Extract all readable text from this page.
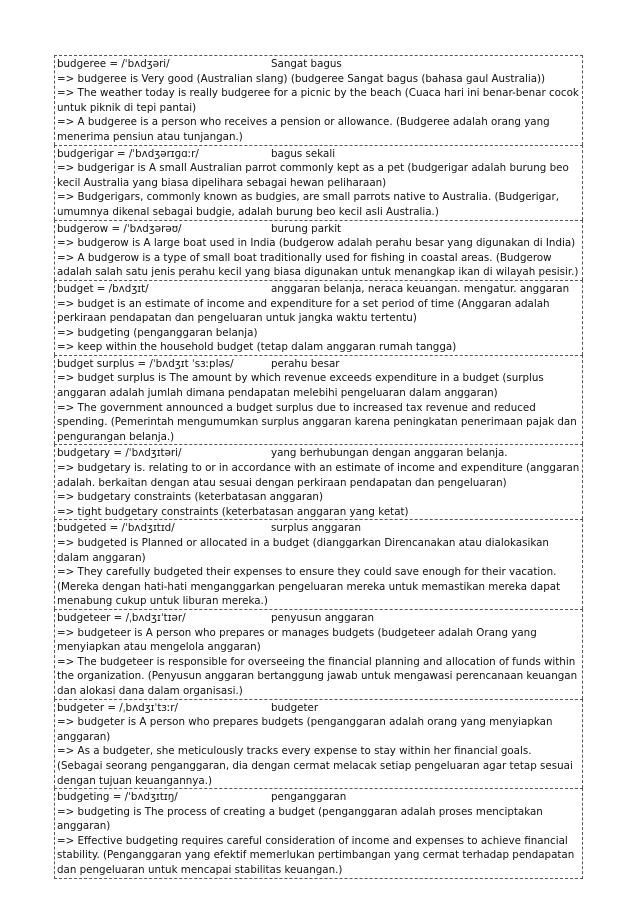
budgeree = /ˈbʌdʒəri/	Sangat bagus

=> budgeree is Very good (Australian slang) (budgeree Sangat bagus (bahasa gaul Australia))

=> The weather today is really budgeree for a picnic by the beach (Cuaca hari ini benar-benar cocok untuk piknik di tepi pantai)

=> A budgeree is a person who receives a pension or allowance. (Budgeree adalah orang yang menerima pensiun atau tunjangan.)

budgerigar = /ˈbʌdʒərɪɡɑːr/	bagus sekali

=> budgerigar is A small Australian parrot commonly kept as a pet (budgerigar adalah burung beo kecil Australia yang biasa dipelihara sebagai hewan peliharaan)

=> Budgerigars, commonly known as budgies, are small parrots native to Australia. (Budgerigar, umumnya dikenal sebagai budgie, adalah burung beo kecil asli Australia.)

budgerow = /ˈbʌdʒərəʊ/	burung parkit

=> budgerow is A large boat used in India (budgerow adalah perahu besar yang digunakan di India)

=> A budgerow is a type of small boat traditionally used for fishing in coastal areas. (Budgerow adalah salah satu jenis perahu kecil yang biasa digunakan untuk menangkap ikan di wilayah pesisir.)

budget = /bʌdʒɪt/	anggaran belanja, neraca keuangan. mengatur. anggaran

=> budget is an estimate of income and expenditure for a set period of time (Anggaran adalah perkiraan pendapatan dan pengeluaran untuk jangka waktu tertentu)

=> budgeting (penganggaran belanja)

=> keep within the household budget (tetap dalam anggaran rumah tangga)

budget surplus = /ˈbʌdʒɪt ˈsɜːpləs/	perahu besar

=> budget surplus is The amount by which revenue exceeds expenditure in a budget (surplus anggaran adalah jumlah dimana pendapatan melebihi pengeluaran dalam anggaran)

=> The government announced a budget surplus due to increased tax revenue and reduced spending. (Pemerintah mengumumkan surplus anggaran karena peningkatan penerimaan pajak dan pengurangan belanja.)

budgetary = /ˈbʌdʒɪtəri/	yang berhubungan dengan anggaran belanja.

=> budgetary is. relating to or in accordance with an estimate of income and expenditure (anggaran adalah. berkaitan dengan atau sesuai dengan perkiraan pendapatan dan pengeluaran)

=> budgetary constraints (keterbatasan anggaran)

=> tight budgetary constraints (keterbatasan anggaran yang ketat)

budgeted = /ˈbʌdʒɪtɪd/	surplus anggaran

=> budgeted is Planned or allocated in a budget (dianggarkan Direncanakan atau dialokasikan dalam anggaran)

=> They carefully budgeted their expenses to ensure they could save enough for their vacation. (Mereka dengan hati-hati menganggarkan pengeluaran mereka untuk memastikan mereka dapat menabung cukup untuk liburan mereka.)

budgeteer = /ˌbʌdʒɪˈtɪər/	penyusun anggaran

=> budgeteer is A person who prepares or manages budgets (budgeteer adalah Orang yang menyiapkan atau mengelola anggaran)

=> The budgeteer is responsible for overseeing the financial planning and allocation of funds within the organization. (Penyusun anggaran bertanggung jawab untuk mengawasi perencanaan keuangan dan alokasi dana dalam organisasi.)

budgeter = /ˌbʌdʒɪˈtɜːr/	budgeter

=> budgeter is A person who prepares budgets (penganggaran adalah orang yang menyiapkan anggaran)

=> As a budgeter, she meticulously tracks every expense to stay within her financial goals. (Sebagai seorang penganggaran, dia dengan cermat melacak setiap pengeluaran agar tetap sesuai dengan tujuan keuangannya.)

budgeting = /ˈbʌdʒɪtɪŋ/	penganggaran

=> budgeting is The process of creating a budget (penganggaran adalah proses menciptakan anggaran)

=> Effective budgeting requires careful consideration of income and expenses to achieve financial stability. (Penganggaran yang efektif memerlukan pertimbangan yang cermat terhadap pendapatan dan pengeluaran untuk mencapai stabilitas keuangan.)
